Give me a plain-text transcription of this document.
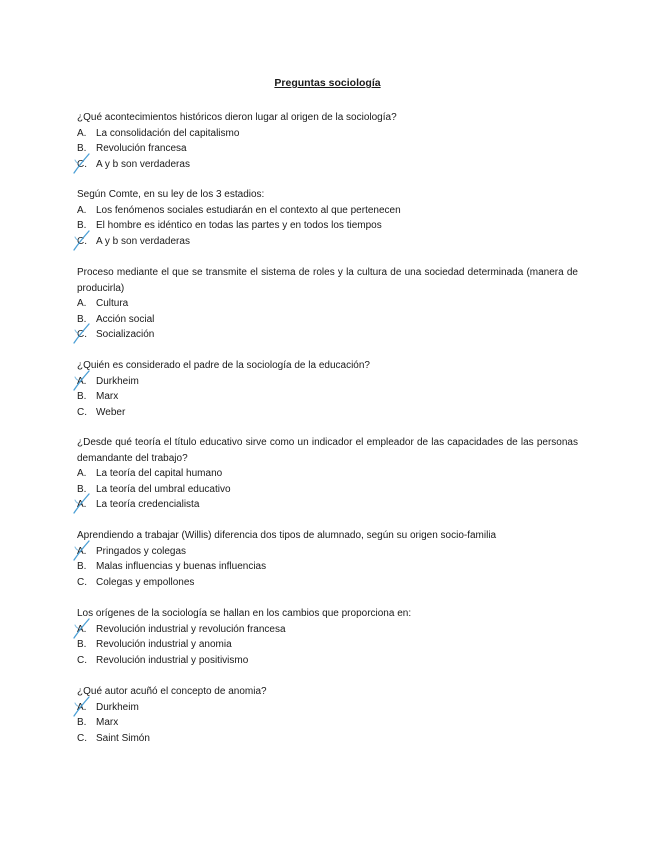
Preguntas sociología
¿Qué acontecimientos históricos dieron lugar al origen de la sociología?
A. La consolidación del capitalismo
B. Revolución francesa
C. A y b son verdaderas
Según Comte, en su ley de los 3 estadios:
A. Los fenómenos sociales estudiarán en el contexto al que pertenecen
B. El hombre es idéntico en todas las partes y en todos los tiempos
C. A y b son verdaderas
Proceso mediante el que se transmite el sistema de roles y la cultura de una sociedad determinada (manera de producirla)
A. Cultura
B. Acción social
C. Socialización
¿Quién es considerado el padre de la sociología de la educación?
A. Durkheim
B. Marx
C. Weber
¿Desde qué teoría el título educativo sirve como un indicador el empleador de las capacidades de las personas demandante del trabajo?
A. La teoría del capital humano
B. La teoría del umbral educativo
A. La teoría credencialista
Aprendiendo a trabajar (Willis) diferencia dos tipos de alumnado, según su origen socio-familia
A. Pringados y colegas
B. Malas influencias y buenas influencias
C. Colegas y empollones
Los orígenes de la sociología se hallan en los cambios que proporciona en:
A. Revolución industrial y revolución francesa
B. Revolución industrial y anomia
C. Revolución industrial y positivismo
¿Qué autor acuñó el concepto de anomia?
A. Durkheim
B. Marx
C. Saint Simón
